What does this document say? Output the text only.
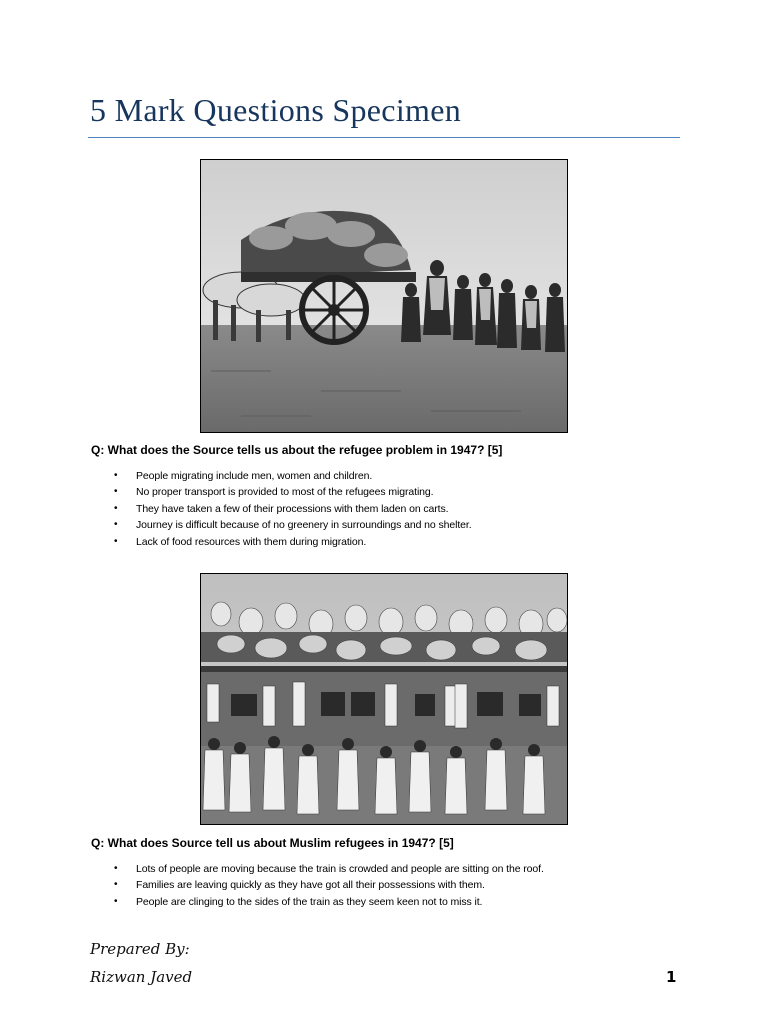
5 Mark Questions Specimen
Q: What does the Source tells us about the refugee problem in 1947? [5]
• People migrating include men, women and children.
• No proper transport is provided to most of the refugees migrating.
• They have taken a few of their processions with them laden on carts.
• Journey is difficult because of no greenery in surroundings and no shelter.
• Lack of food resources with them during migration.
Q: What does Source tell us about Muslim refugees in 1947? [5]
• Lots of people are moving because the train is crowded and people are sitting on the roof.
• Families are leaving quickly as they have got all their possessions with them.
• People are clinging to the sides of the train as they seem keen not to miss it.
Prepared By:
Rizwan Javed	1
